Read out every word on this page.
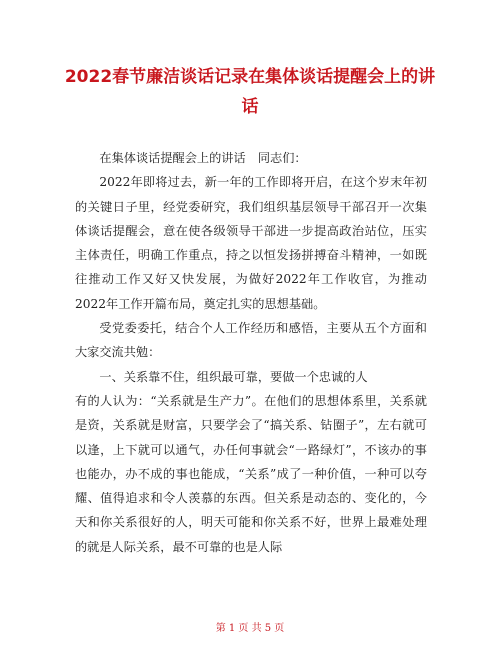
2022春节廉洁谈话记录在集体谈话提醒会上的讲话

在集体谈话提醒会上的讲话　同志们：

2022年即将过去，新一年的工作即将开启，在这个岁末年初的关键日子里，经党委研究，我们组织基层领导干部召开一次集体谈话提醒会，意在使各级领导干部进一步提高政治站位，压实主体责任，明确工作重点，持之以恒发扬拼搏奋斗精神，一如既往推动工作又好又快发展，为做好2022年工作收官，为推动2022年工作开篇布局，奠定扎实的思想基础。

受党委委托，结合个人工作经历和感悟，主要从五个方面和大家交流共勉：

一、关系靠不住，组织最可靠，要做一个忠诚的人

有的人认为：“关系就是生产力”。在他们的思想体系里，关系就是资，关系就是财富，只要学会了“搞关系、钻圈子”，左右就可以逢，上下就可以通气，办任何事就会“一路绿灯”，不该办的事也能办，办不成的事也能成，“关系”成了一种价值，一种可以夸耀、值得追求和令人羡慕的东西。但关系是动态的、变化的，今天和你关系很好的人，明天可能和你关系不好，世界上最难处理的就是人际关系，最不可靠的也是人际

第 1 页 共 5 页
